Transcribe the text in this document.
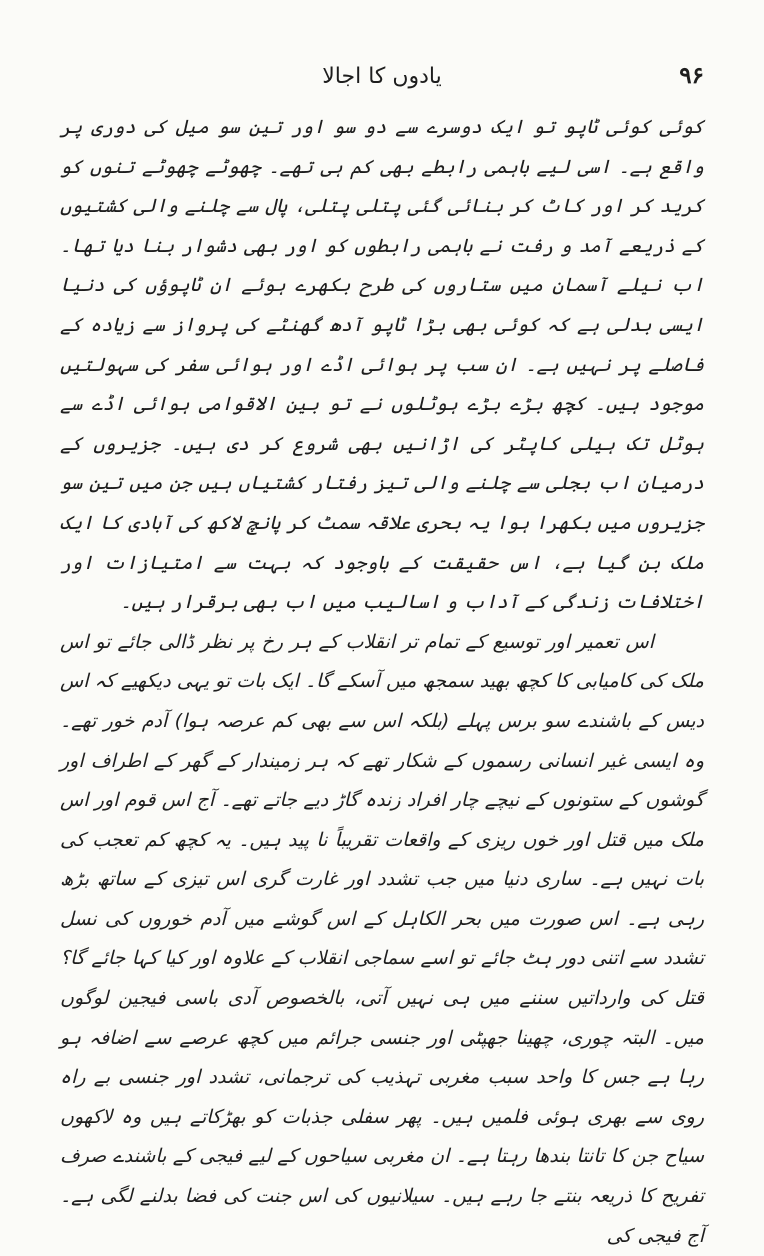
یادوں کا اجالا	۹۶

کوئی کوئی ٹاپو تو ایک دوسرے سے دو سو اور تین سو میل کی دوری پر واقع ہے۔ اسی لیے باہمی رابطے بھی کم ہی تھے۔ چھوٹے چھوٹے تنوں کو کرید کر اور کاٹ کر بنائی گئی پتلی پتلی، پال سے چلنے والی کشتیوں کے ذریعے آمد و رفت نے باہمی رابطوں کو اور بھی دشوار بنا دیا تھا۔ اب نیلے آسمان میں ستاروں کی طرح بکھرے ہوئے ان ٹاپوؤں کی دنیا ایسی بدلی ہے کہ کوئی بھی بڑا ٹاپو آدھ گھنٹے کی پرواز سے زیادہ کے فاصلے پر نہیں ہے۔ ان سب پر ہوائی اڈے اور ہوائی سفر کی سہولتیں موجود ہیں۔ کچھ بڑے بڑے ہوٹلوں نے تو بین الاقوامی ہوائی اڈے سے ہوٹل تک ہیلی کاپٹر کی اڑانیں بھی شروع کر دی ہیں۔ جزیروں کے درمیان اب بجلی سے چلنے والی تیز رفتار کشتیاں ہیں جن میں تین سو جزیروں میں بکھرا ہوا یہ بحری علاقہ سمٹ کر پانچ لاکھ کی آبادی کا ایک ملک بن گیا ہے، اس حقیقت کے باوجود کہ بہت سے امتیازات اور اختلافات زندگی کے آداب و اسالیب میں اب بھی برقرار ہیں۔

اس تعمیر اور توسیع کے تمام تر انقلاب کے ہر رخ پر نظر ڈالی جائے تو اس ملک کی کامیابی کا کچھ بھید سمجھ میں آسکے گا۔ ایک بات تو یہی دیکھیے کہ اس دیس کے باشندے سو برس پہلے (بلکہ اس سے بھی کم عرصہ ہوا) آدم خور تھے۔ وہ ایسی غیر انسانی رسموں کے شکار تھے کہ ہر زمیندار کے گھر کے اطراف اور گوشوں کے ستونوں کے نیچے چار افراد زندہ گاڑ دیے جاتے تھے۔ آج اس قوم اور اس ملک میں قتل اور خوں ریزی کے واقعات تقریباً نا پید ہیں۔ یہ کچھ کم تعجب کی بات نہیں ہے۔ ساری دنیا میں جب تشدد اور غارت گری اس تیزی کے ساتھ بڑھ رہی ہے۔ اس صورت میں بحر الکاہل کے اس گوشے میں آدم خوروں کی نسل تشدد سے اتنی دور ہٹ جائے تو اسے سماجی انقلاب کے علاوہ اور کیا کہا جائے گا؟ قتل کی وارداتیں سننے میں ہی نہیں آتی، بالخصوص آدی باسی فیجین لوگوں میں۔ البتہ چوری، چھینا جھپٹی اور جنسی جرائم میں کچھ عرصے سے اضافہ ہو رہا ہے جس کا واحد سبب مغربی تہذیب کی ترجمانی، تشدد اور جنسی بے راہ روی سے بھری ہوئی فلمیں ہیں۔ پھر سفلی جذبات کو بھڑکاتے ہیں وہ لاکھوں سیاح جن کا تانتا بندھا رہتا ہے۔ ان مغربی سیاحوں کے لیے فیجی کے باشندے صرف تفریح کا ذریعہ بنتے جا رہے ہیں۔ سیلانیوں کی اس جنت کی فضا بدلنے لگی ہے۔ آج فیجی کی
